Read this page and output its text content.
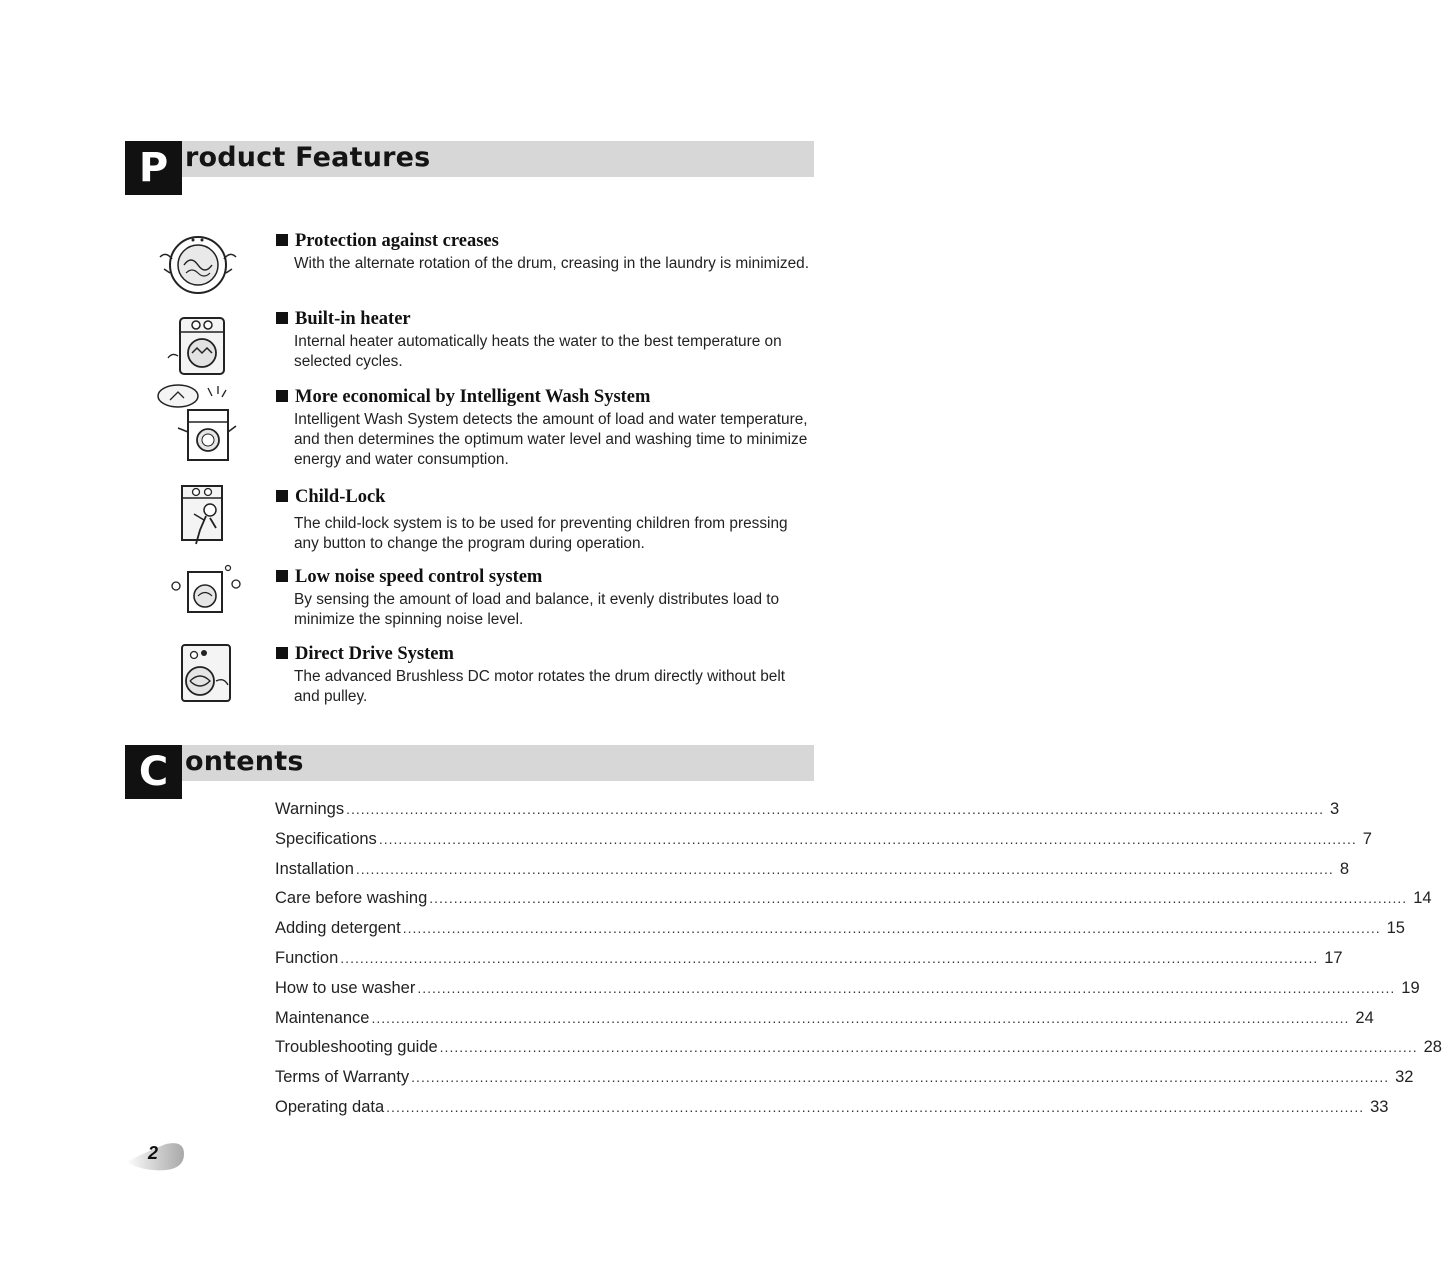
P roduct Features
Protection against creases
With the alternate rotation of the drum, creasing in the laundry is minimized.
Built-in heater
Internal heater automatically heats the water to the best temperature on selected cycles.
More economical by Intelligent Wash System
Intelligent Wash System detects the amount of load and water temperature, and then determines the optimum water level and washing time to minimize energy and water consumption.
Child-Lock
The child-lock system is to be used for preventing children from pressing any button to change the program during operation.
Low noise speed control system
By sensing the amount of load and balance, it evenly distributes load to minimize the spinning noise level.
Direct Drive System
The advanced Brushless DC motor rotates the drum directly without belt and pulley.
C ontents
Warnings ........................................................................................................................................................................................................ 3
Specifications ........................................................................................................................................................................................................ 7
Installation ........................................................................................................................................................................................................ 8
Care before washing ........................................................................................................................................................................................................ 14
Adding detergent ........................................................................................................................................................................................................ 15
Function ........................................................................................................................................................................................................ 17
How to use washer ........................................................................................................................................................................................................ 19
Maintenance ........................................................................................................................................................................................................ 24
Troubleshooting guide ........................................................................................................................................................................................................ 28
Terms of Warranty ........................................................................................................................................................................................................ 32
Operating data ........................................................................................................................................................................................................ 33
2
